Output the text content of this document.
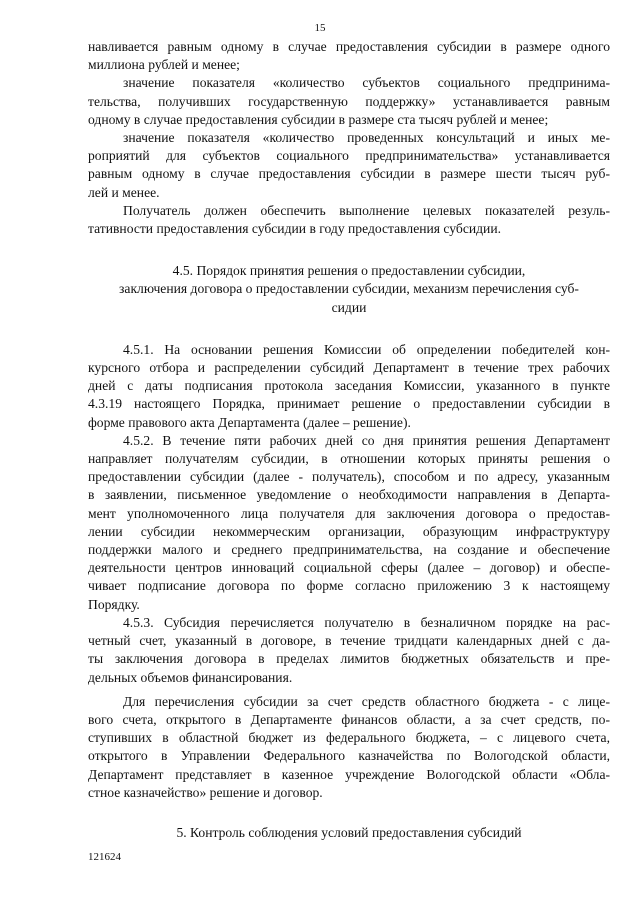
15
навливается равным одному в случае предоставления субсидии в размере одного
миллиона рублей и менее;
значение показателя «количество субъектов социального предпринима-
тельства, получивших государственную поддержку» устанавливается равным
одному в случае предоставления субсидии в размере ста тысяч рублей и менее;
значение показателя «количество проведенных консультаций и иных ме-
роприятий для субъектов социального предпринимательства» устанавливается
равным одному в случае предоставления субсидии в размере шести тысяч руб-
лей и менее.
Получатель должен обеспечить выполнение целевых показателей резуль-
тативности предоставления субсидии в году предоставления субсидии.
4.5. Порядок принятия решения о предоставлении субсидии,
заключения договора о предоставлении субсидии, механизм перечисления суб-
сидии
4.5.1. На основании решения Комиссии об определении победителей кон-
курсного отбора и распределении субсидий Департамент в течение трех рабочих
дней с даты подписания протокола заседания Комиссии, указанного в пункте
4.3.19 настоящего Порядка, принимает решение о предоставлении субсидии в
форме правового акта Департамента (далее – решение).
4.5.2. В течение пяти рабочих дней со дня принятия решения Департамент
направляет получателям субсидии, в отношении которых приняты решения о
предоставлении субсидии (далее - получатель), способом и по адресу, указанным
в заявлении, письменное уведомление о необходимости направления в Департа-
мент уполномоченного лица получателя для заключения договора о предостав-
лении субсидии некоммерческим организации, образующим инфраструктуру
поддержки малого и среднего предпринимательства, на создание и обеспечение
деятельности центров инноваций социальной сферы (далее – договор) и обеспе-
чивает подписание договора по форме согласно приложению 3 к настоящему
Порядку.
4.5.3. Субсидия перечисляется получателю в безналичном порядке на рас-
четный счет, указанный в договоре, в течение тридцати календарных дней с да-
ты заключения договора в пределах лимитов бюджетных обязательств и пре-
дельных объемов финансирования.
Для перечисления субсидии за счет средств областного бюджета - с лице-
вого счета, открытого в Департаменте финансов области, а за счет средств, по-
ступивших в областной бюджет из федерального бюджета, – с лицевого счета,
открытого в Управлении Федерального казначейства по Вологодской области,
Департамент представляет в казенное учреждение Вологодской области «Обла-
стное казначейство» решение и договор.
5. Контроль соблюдения условий предоставления субсидий
121624
